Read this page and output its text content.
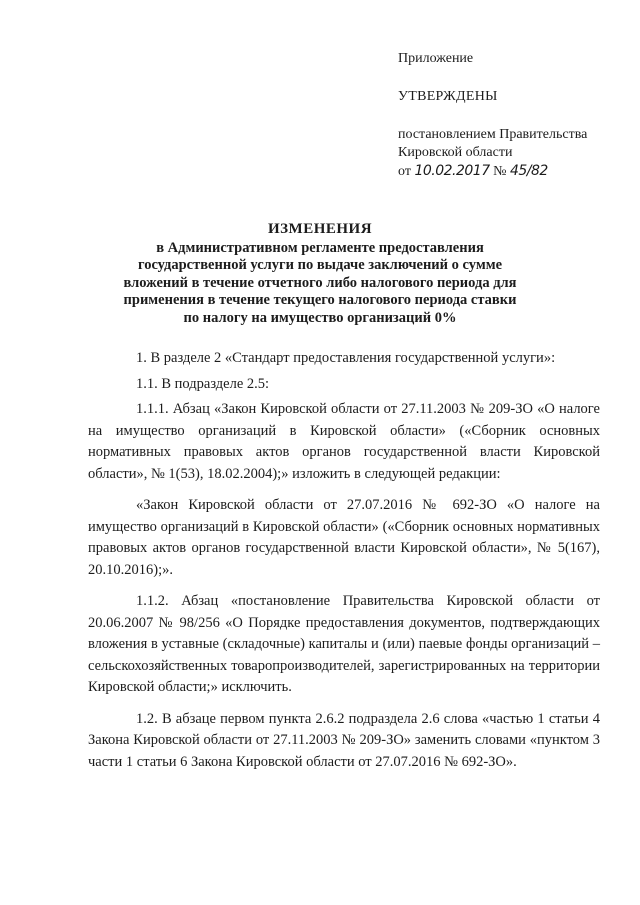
Приложение
УТВЕРЖДЕНЫ
постановлением Правительства
Кировской области
от 10.02.2017 № 45/82
ИЗМЕНЕНИЯ
в Административном регламенте предоставления
государственной услуги по выдаче заключений о сумме
вложений в течение отчетного либо налогового периода для
применения в течение текущего налогового периода ставки
по налогу на имущество организаций 0%

1. В разделе 2 «Стандарт предоставления государственной услуги»:

1.1. В подразделе 2.5:

1.1.1. Абзац «Закон Кировской области от 27.11.2003 № 209-ЗО «О налоге на имущество организаций в Кировской области» («Сборник основных нормативных правовых актов органов государственной власти Кировской области», № 1(53), 18.02.2004);» изложить в следующей редакции:

«Закон Кировской области от 27.07.2016 № 692-ЗО «О налоге на имущество организаций в Кировской области» («Сборник основных нормативных правовых актов органов государственной власти Кировской области», № 5(167), 20.10.2016);».

1.1.2. Абзац «постановление Правительства Кировской области от 20.06.2007 № 98/256 «О Порядке предоставления документов, подтверждающих вложения в уставные (складочные) капиталы и (или) паевые фонды организаций – сельскохозяйственных товаропроизводителей, зарегистрированных на территории Кировской области;» исключить.

1.2. В абзаце первом пункта 2.6.2 подраздела 2.6 слова «частью 1 статьи 4 Закона Кировской области от 27.11.2003 № 209-ЗО» заменить словами «пунктом 3 части 1 статьи 6 Закона Кировской области от 27.07.2016 № 692-ЗО».
